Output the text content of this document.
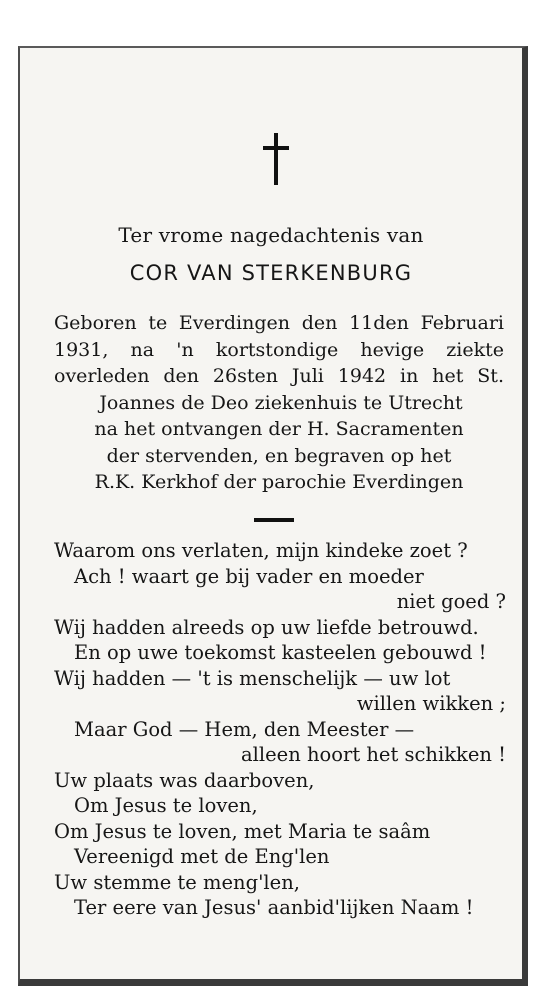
Ter vrome nagedachtenis van
COR VAN STERKENBURG
Geboren te Everdingen den 11den Februari
1931, na 'n kortstondige hevige ziekte
overleden den 26sten Juli 1942 in het St.
Joannes de Deo ziekenhuis te Utrecht
na het ontvangen der H. Sacramenten
der stervenden, en begraven op het
R.K. Kerkhof der parochie Everdingen
Waarom ons verlaten, mijn kindeke zoet ?
Ach ! waart ge bij vader en moeder
niet goed ?
Wij hadden alreeds op uw liefde betrouwd.
En op uwe toekomst kasteelen gebouwd !
Wij hadden — 't is menschelijk — uw lot
willen wikken ;
Maar God — Hem, den Meester —
alleen hoort het schikken !
Uw plaats was daarboven,
Om Jesus te loven,
Om Jesus te loven, met Maria te saâm
Vereenigd met de Eng'len
Uw stemme te meng'len,
Ter eere van Jesus' aanbid'lijken Naam !
